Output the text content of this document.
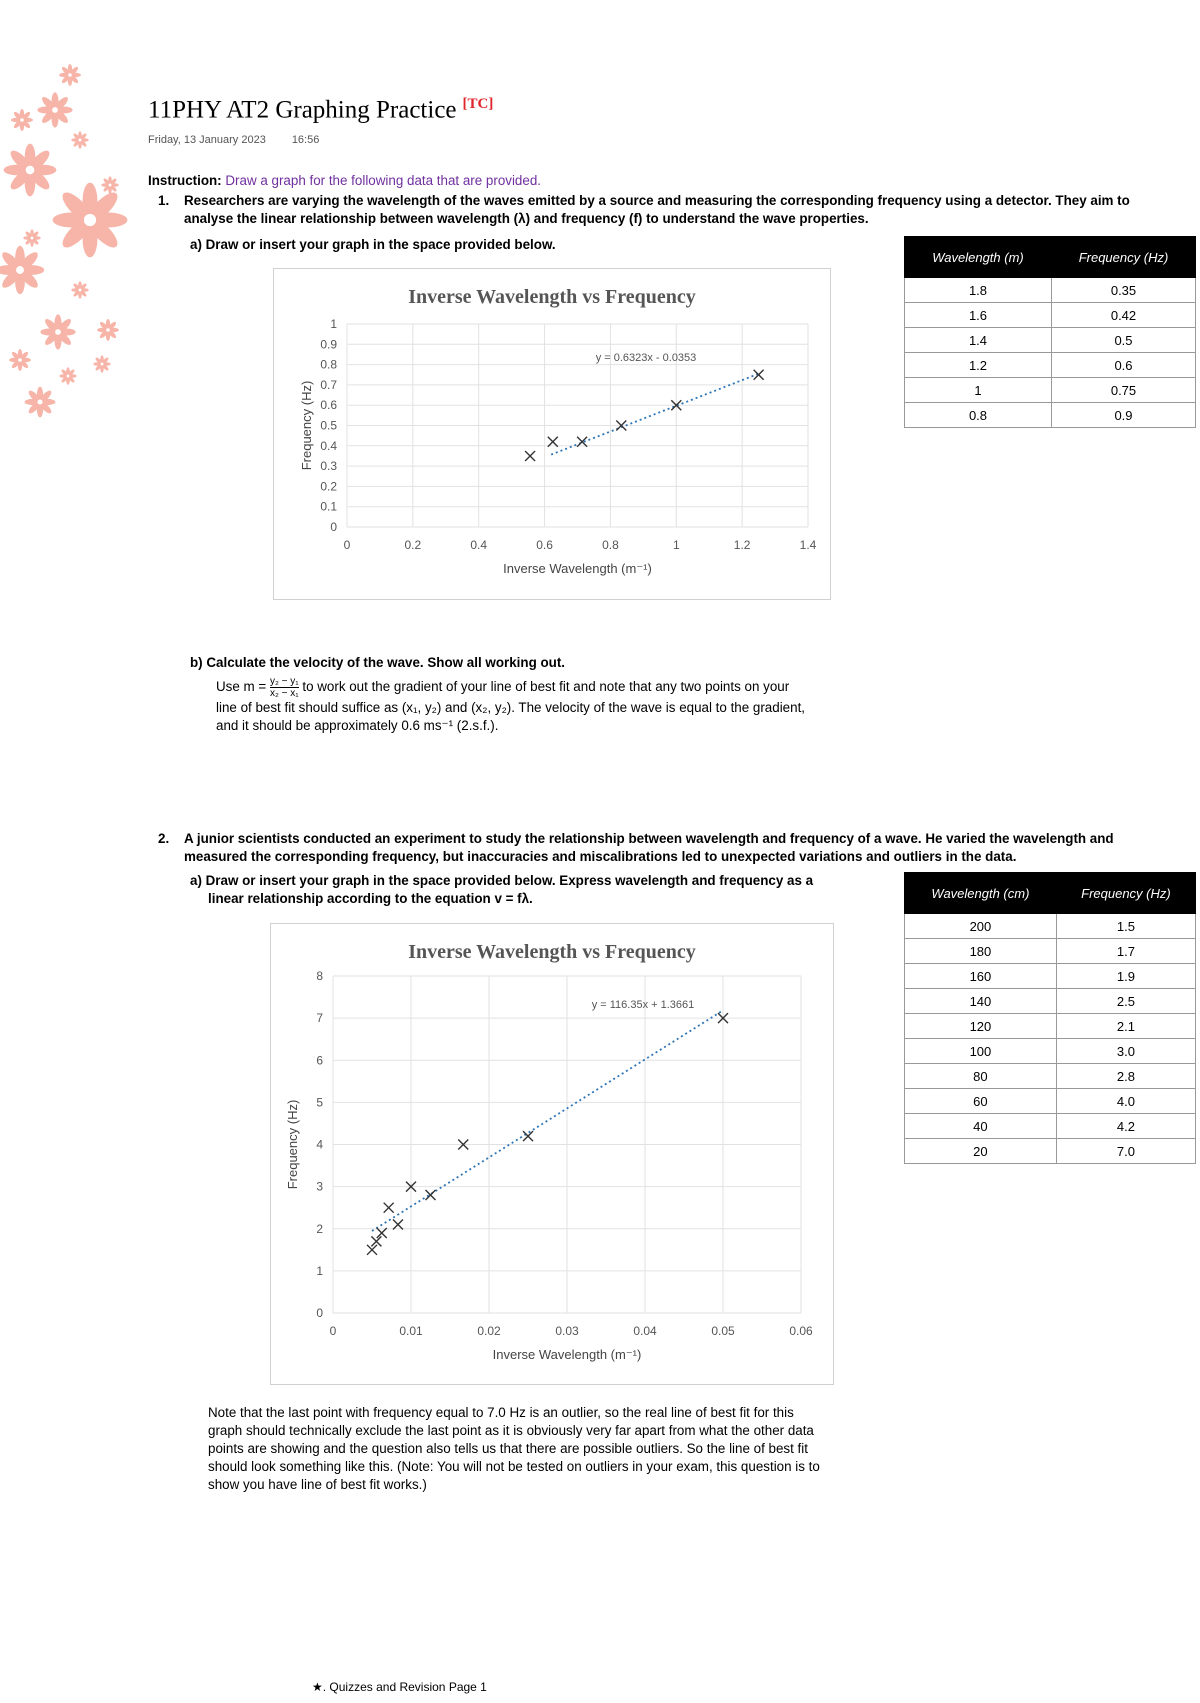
11PHY AT2 Graphing Practice [TC]
Friday, 13 January 2023 16:56
Instruction: Draw a graph for the following data that are provided.
1. Researchers are varying the wavelength of the waves emitted by a source and measuring the corresponding frequency using a detector. They aim to
analyse the linear relationship between wavelength (λ) and frequency (f) to understand the wave properties.
a) Draw or insert your graph in the space provided below.
Wavelength (m)	Frequency (Hz)
1.8	0.35
1.6	0.42
1.4	0.5
1.2	0.6
1	0.75
0.8	0.9
Inverse Wavelength vs Frequency
0
0.1
0.2
0.3
0.4
0.5
0.6
0.7
0.8
0.9
1
0	0.2	0.4	0.6	0.8	1	1.2	1.4
Inverse Wavelength (m⁻¹)
Frequency (Hz)
y = 0.6323x - 0.0353
b) Calculate the velocity of the wave. Show all working out.
Use $m = \frac{\text{y₂ − y₁}}{\text{x₂ − x₁}}$ to work out the gradient of your line of best fit and note that any two points on your
line of best fit should suffice as (x₁, y₂) and (x₂, y₂). The velocity of the wave is equal to the gradient,
and it should be approximately 0.6 ms⁻¹ (2.s.f.).
2. A junior scientists conducted an experiment to study the relationship between wavelength and frequency of a wave. He varied the wavelength and
measured the corresponding frequency, but inaccuracies and miscalibrations led to unexpected variations and outliers in the data.
a) Draw or insert your graph in the space provided below. Express wavelength and frequency as a
linear relationship according to the equation v = fλ.	Wavelength (cm)	Frequency (Hz)
200	1.5
180	1.7
160	1.9
140	2.5
120	2.1
100	3.0
80	2.8
60	4.0
40	4.2
20	7.0
Inverse Wavelength vs Frequency
0
1
2
3
4
5
6
7
8
0	0.01	0.02	0.03	0.04	0.05	0.06
Inverse Wavelength (m⁻¹)
Frequency (Hz)
y = 116.35x + 1.3661
Note that the last point with frequency equal to 7.0 Hz is an outlier, so the real line of best fit for this
graph should technically exclude the last point as it is obviously very far apart from what the other data
points are showing and the question also tells us that there are possible outliers. So the line of best fit
should look something like this. (Note: You will not be tested on outliers in your exam, this question is to
show you have line of best fit works.)
★. Quizzes and Revision Page 1
